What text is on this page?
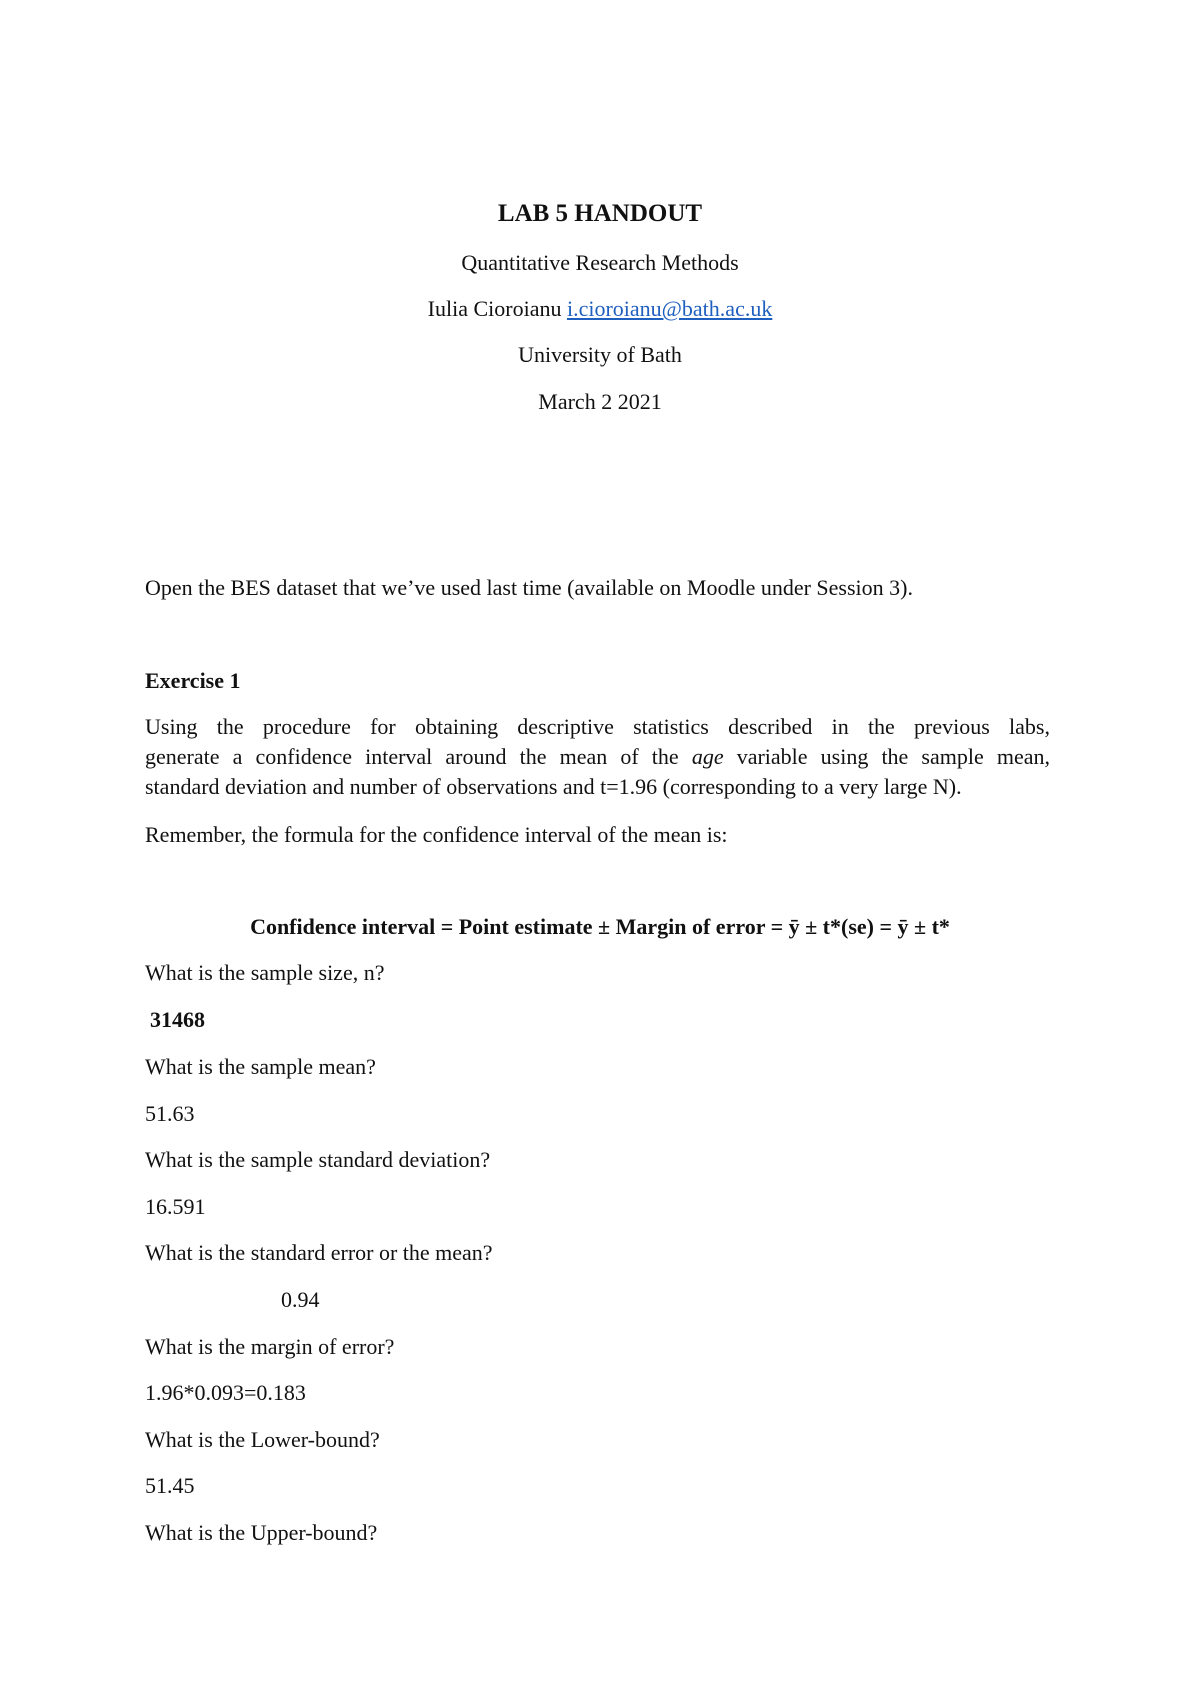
LAB 5 HANDOUT

Quantitative Research Methods

Iulia Cioroianu i.cioroianu@bath.ac.uk

University of Bath

March 2 2021

Open the BES dataset that we’ve used last time (available on Moodle under Session 3).

Exercise 1

Using the procedure for obtaining descriptive statistics described in the previous labs,
generate a confidence interval around the mean of the age variable using the sample mean,
standard deviation and number of observations and t=1.96 (corresponding to a very large N).

Remember, the formula for the confidence interval of the mean is:

Confidence interval = Point estimate ± Margin of error = ȳ ± t*(se) = ȳ ± t*

What is the sample size, n?

31468

What is the sample mean?

51.63

What is the sample standard deviation?

16.591

What is the standard error or the mean?

0.94

What is the margin of error?

1.96*0.093=0.183

What is the Lower-bound?

51.45

What is the Upper-bound?
